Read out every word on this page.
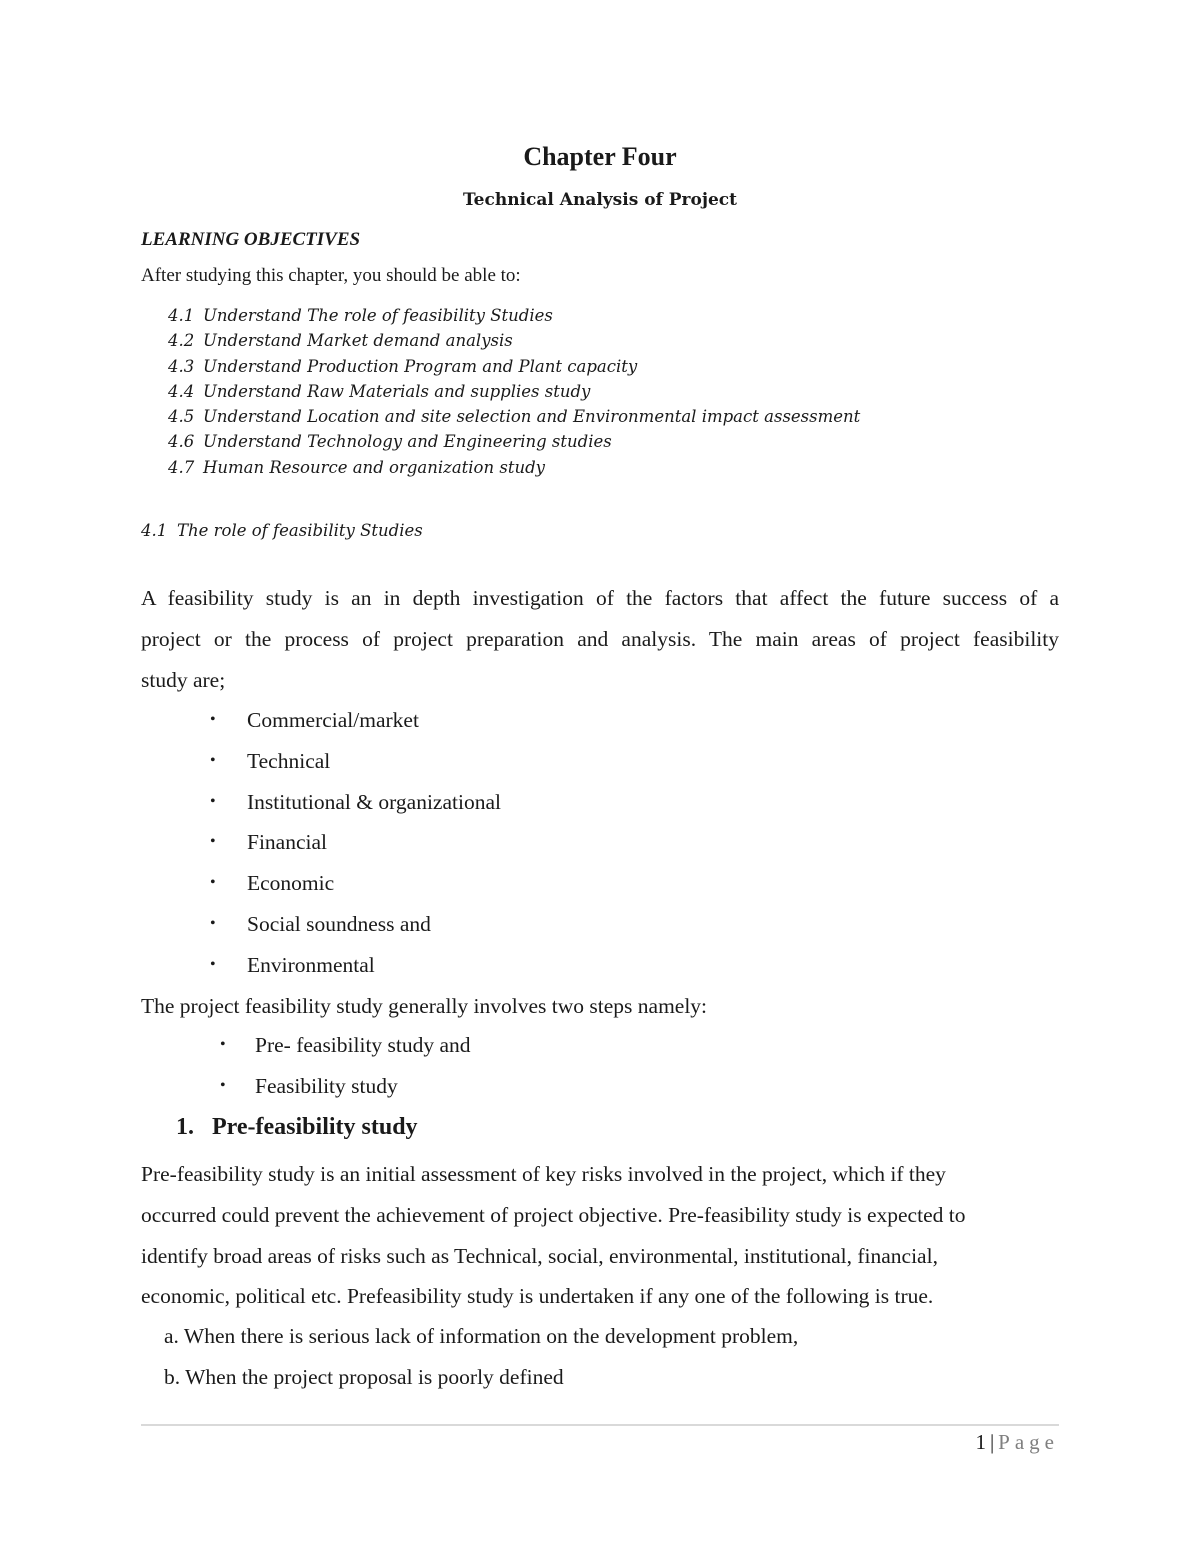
Chapter Four
Technical Analysis of Project
LEARNING OBJECTIVES
After studying this chapter, you should be able to:
4.1 Understand The role of feasibility Studies
4.2 Understand Market demand analysis
4.3 Understand Production Program and Plant capacity
4.4 Understand Raw Materials and supplies study
4.5 Understand Location and site selection and Environmental impact assessment
4.6 Understand Technology and Engineering studies
4.7 Human Resource and organization study
4.1 The role of feasibility Studies
A feasibility study is an in depth investigation of the factors that affect the future success of a
project or the process of project preparation and analysis. The main areas of project feasibility
study are;
• Commercial/market
• Technical
• Institutional & organizational
• Financial
• Economic
• Social soundness and
• Environmental
The project feasibility study generally involves two steps namely:
• Pre- feasibility study and
• Feasibility study
1. Pre-feasibility study
Pre-feasibility study is an initial assessment of key risks involved in the project, which if they
occurred could prevent the achievement of project objective. Pre-feasibility study is expected to
identify broad areas of risks such as Technical, social, environmental, institutional, financial,
economic, political etc. Prefeasibility study is undertaken if any one of the following is true.
a. When there is serious lack of information on the development problem,
b. When the project proposal is poorly defined
1 | Page
